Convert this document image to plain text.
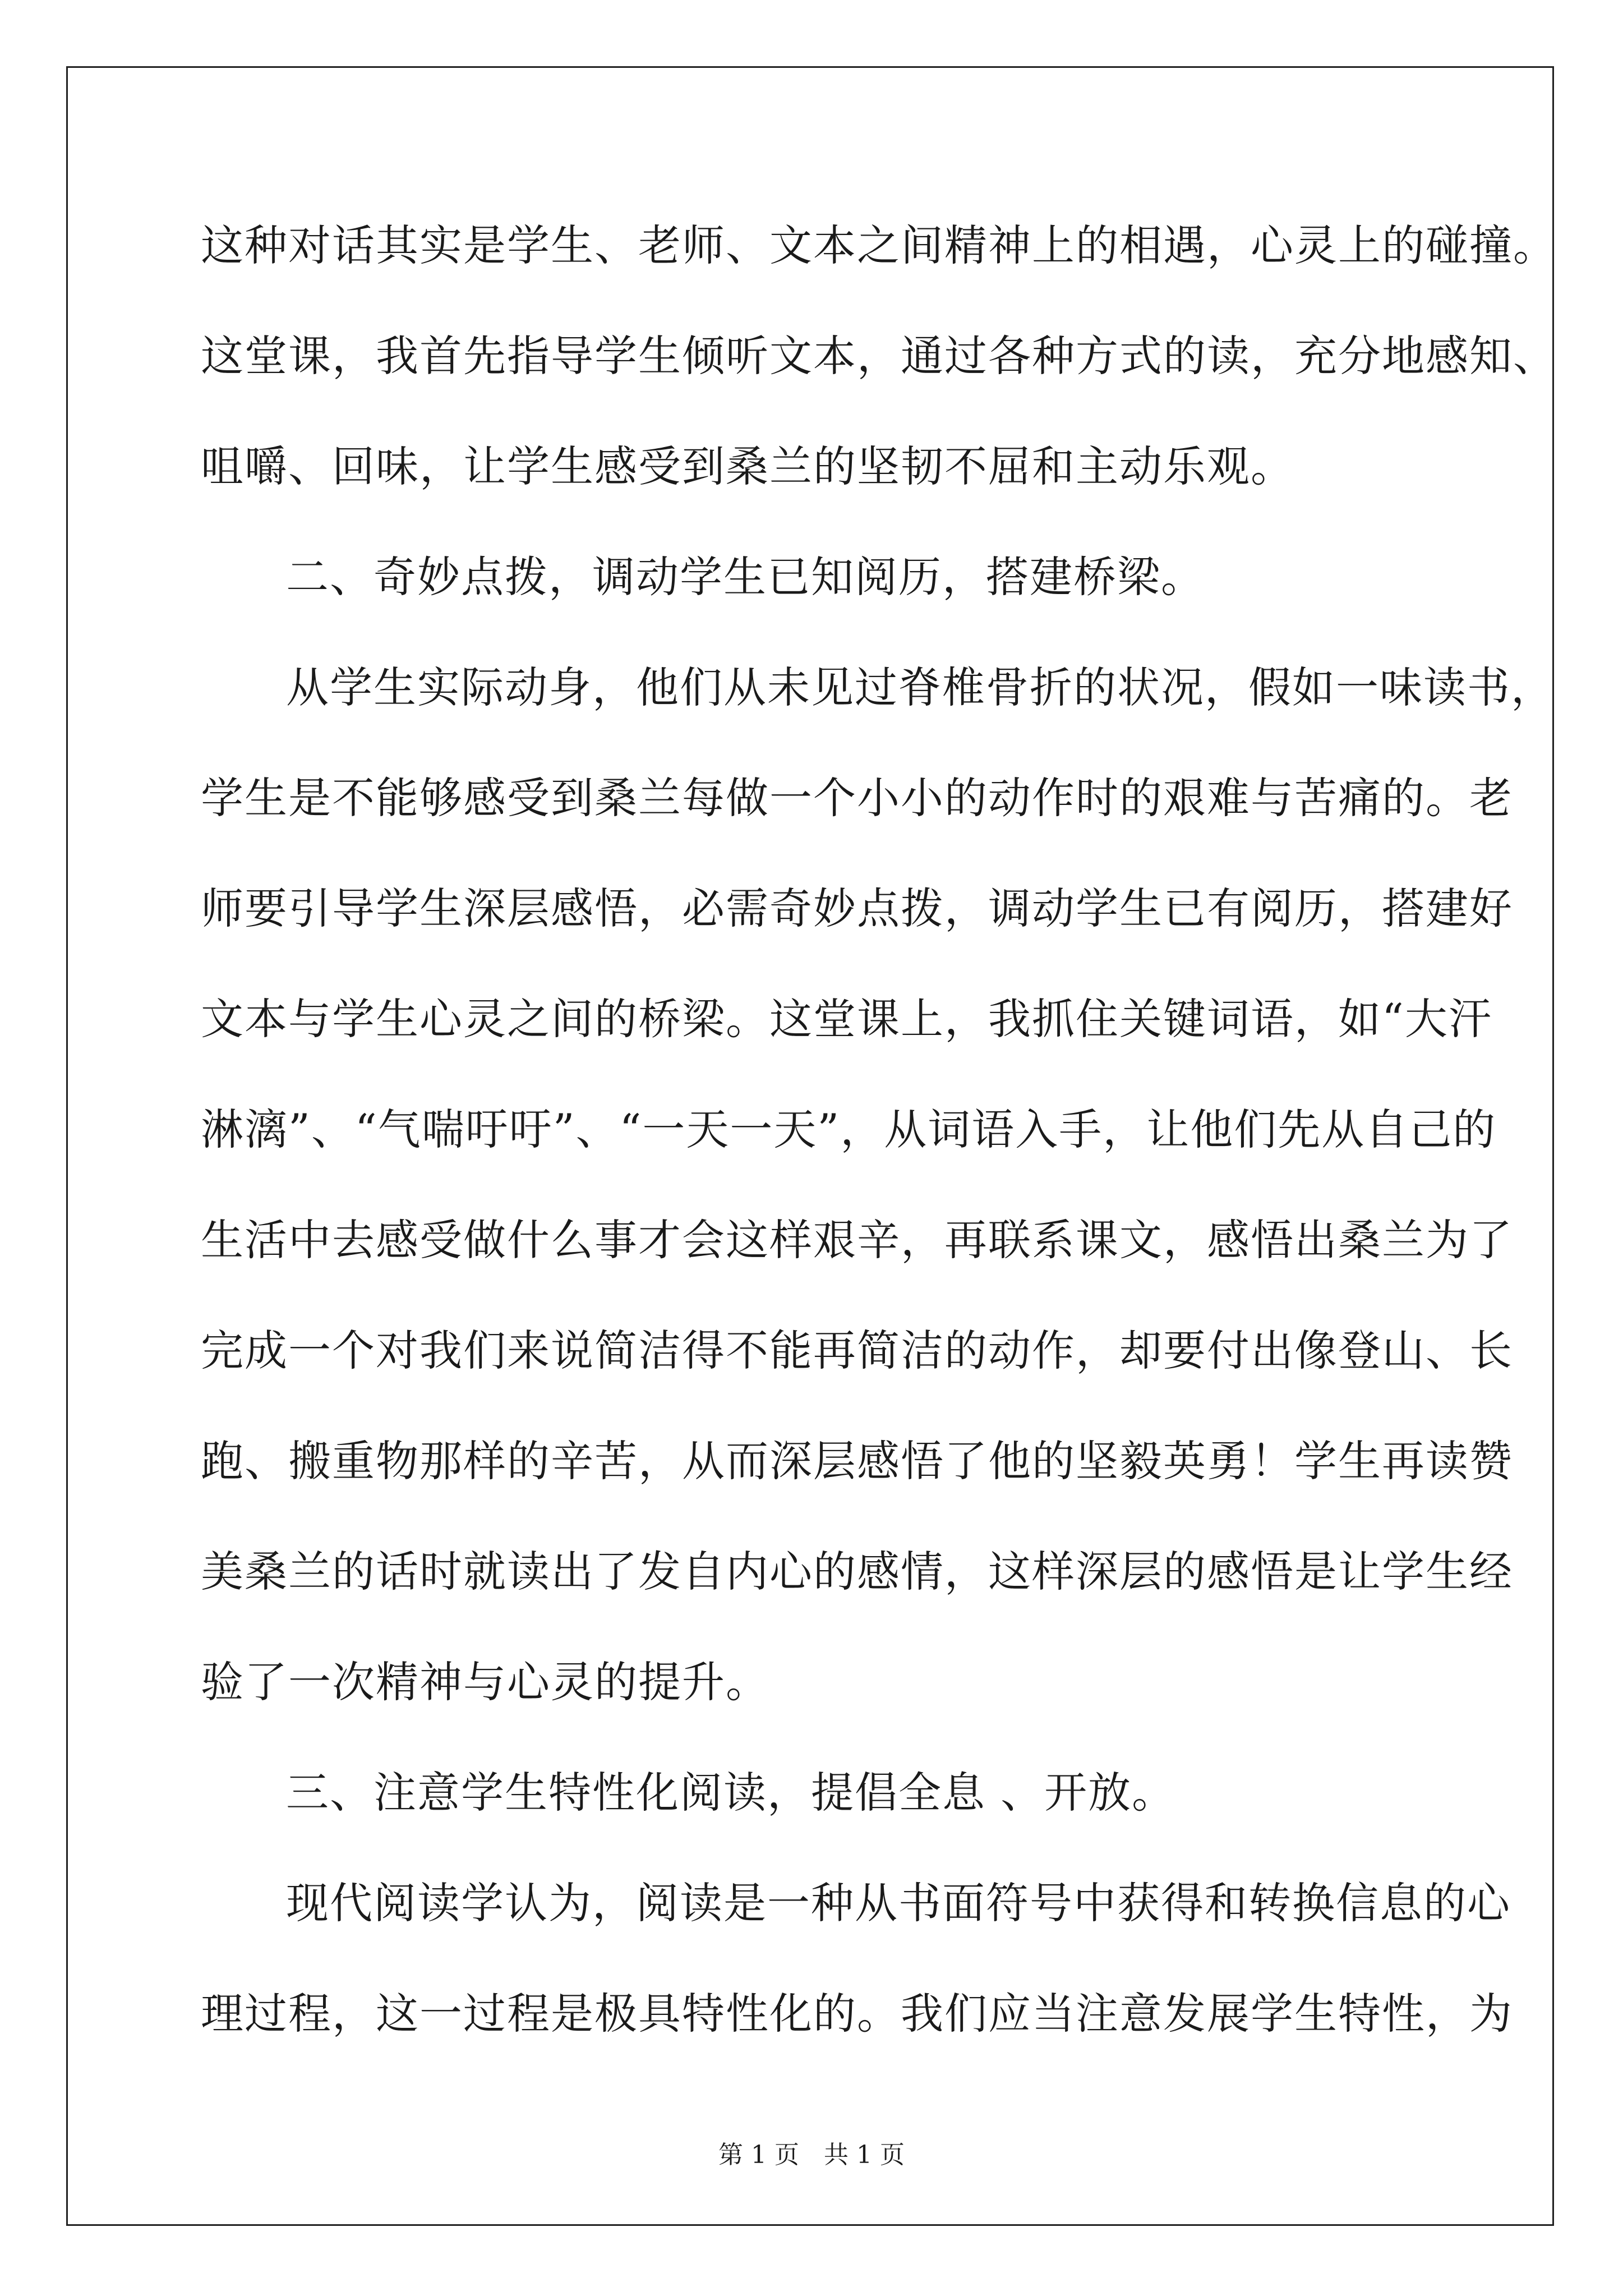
这种对话其实是学生、老师、文本之间精神上的相遇，心灵上的碰撞。
这堂课，我首先指导学生倾听文本，通过各种方式的读，充分地感知、
咀嚼、回味，让学生感受到桑兰的坚韧不屈和主动乐观。
二、奇妙点拨，调动学生已知阅历，搭建桥梁。
从学生实际动身，他们从未见过脊椎骨折的状况，假如一味读书，
学生是不能够感受到桑兰每做一个小小的动作时的艰难与苦痛的。老
师要引导学生深层感悟，必需奇妙点拨，调动学生已有阅历，搭建好
文本与学生心灵之间的桥梁。这堂课上，我抓住关键词语，如“大汗
淋漓”、“气喘吁吁”、“一天一天”，从词语入手，让他们先从自己的
生活中去感受做什么事才会这样艰辛，再联系课文，感悟出桑兰为了
完成一个对我们来说简洁得不能再简洁的动作，却要付出像登山、长
跑、搬重物那样的辛苦，从而深层感悟了他的坚毅英勇！学生再读赞
美桑兰的话时就读出了发自内心的感情，这样深层的感悟是让学生经
验了一次精神与心灵的提升。
三、注意学生特性化阅读，提倡全息 、开放。
现代阅读学认为，阅读是一种从书面符号中获得和转换信息的心
理过程，这一过程是极具特性化的。我们应当注意发展学生特性，为
第 1 页　共 1 页
